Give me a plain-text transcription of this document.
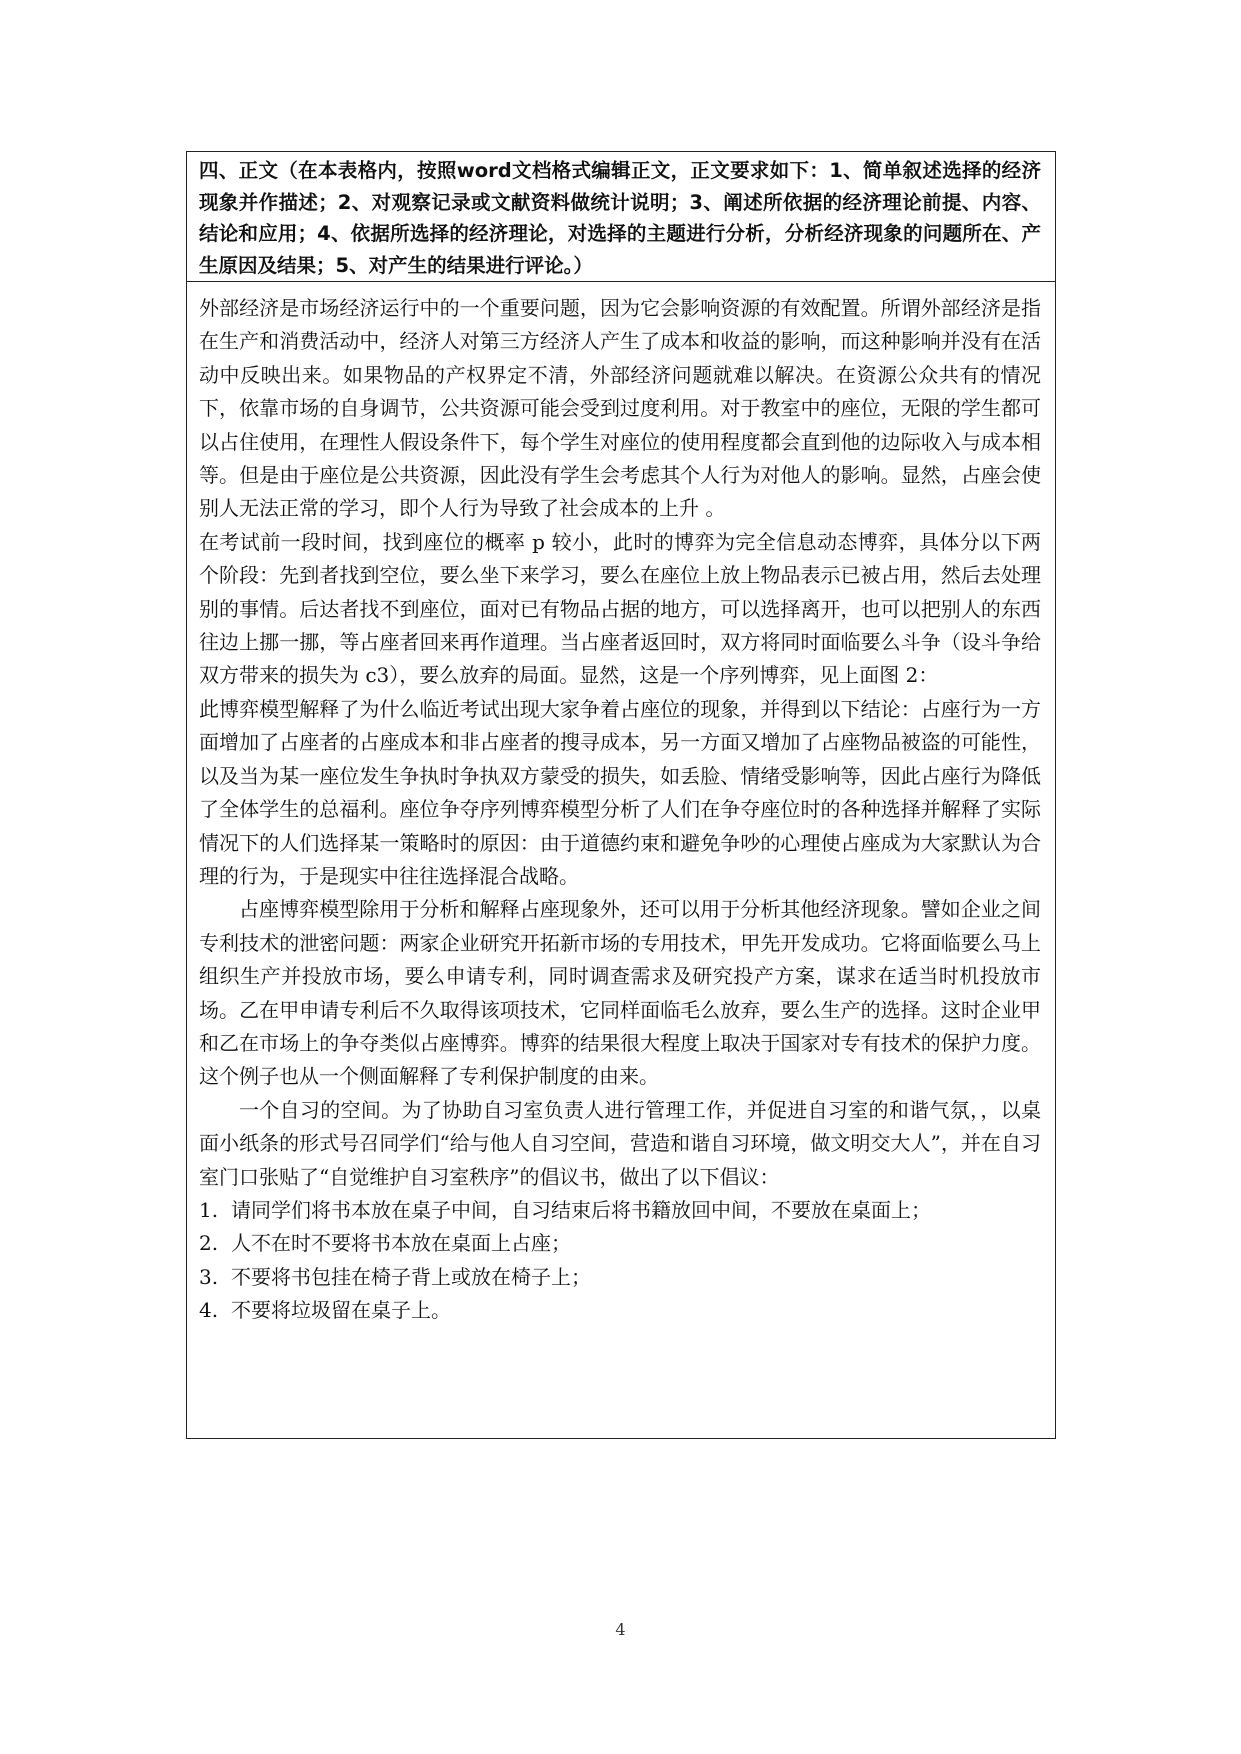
四、正文（在本表格内，按照word文档格式编辑正文，正文要求如下：1、简单叙述选择的经济现象并作描述；2、对观察记录或文献资料做统计说明；3、阐述所依据的经济理论前提、内容、结论和应用；4、依据所选择的经济理论，对选择的主题进行分析，分析经济现象的问题所在、产生原因及结果；5、对产生的结果进行评论。）

外部经济是市场经济运行中的一个重要问题，因为它会影响资源的有效配置。所谓外部经济是指在生产和消费活动中，经济人对第三方经济人产生了成本和收益的影响，而这种影响并没有在活动中反映出来。如果物品的产权界定不清，外部经济问题就难以解决。在资源公众共有的情况下，依靠市场的自身调节，公共资源可能会受到过度利用。对于教室中的座位，无限的学生都可以占住使用，在理性人假设条件下，每个学生对座位的使用程度都会直到他的边际收入与成本相等。但是由于座位是公共资源，因此没有学生会考虑其个人行为对他人的影响。显然，占座会使别人无法正常的学习，即个人行为导致了社会成本的上升 。

在考试前一段时间，找到座位的概率 p 较小，此时的博弈为完全信息动态博弈，具体分以下两个阶段：先到者找到空位，要么坐下来学习，要么在座位上放上物品表示已被占用，然后去处理别的事情。后达者找不到座位，面对已有物品占据的地方，可以选择离开，也可以把别人的东西往边上挪一挪，等占座者回来再作道理。当占座者返回时，双方将同时面临要么斗争（设斗争给双方带来的损失为 c3），要么放弃的局面。显然，这是一个序列博弈，见上面图 2：

此博弈模型解释了为什么临近考试出现大家争着占座位的现象，并得到以下结论：占座行为一方面增加了占座者的占座成本和非占座者的搜寻成本，另一方面又增加了占座物品被盗的可能性，以及当为某一座位发生争执时争执双方蒙受的损失，如丢脸、情绪受影响等，因此占座行为降低了全体学生的总福利。座位争夺序列博弈模型分析了人们在争夺座位时的各种选择并解释了实际情况下的人们选择某一策略时的原因：由于道德约束和避免争吵的心理使占座成为大家默认为合理的行为，于是现实中往往选择混合战略。

占座博弈模型除用于分析和解释占座现象外，还可以用于分析其他经济现象。譬如企业之间专利技术的泄密问题：两家企业研究开拓新市场的专用技术，甲先开发成功。它将面临要么马上组织生产并投放市场，要么申请专利，同时调查需求及研究投产方案，谋求在适当时机投放市场。乙在甲申请专利后不久取得该项技术，它同样面临毛么放弃，要么生产的选择。这时企业甲和乙在市场上的争夺类似占座博弈。博弈的结果很大程度上取决于国家对专有技术的保护力度。这个例子也从一个侧面解释了专利保护制度的由来。

一个自习的空间。为了协助自习室负责人进行管理工作，并促进自习室的和谐气氛，，以桌面小纸条的形式号召同学们“给与他人自习空间，营造和谐自习环境，做文明交大人”，并在自习室门口张贴了“自觉维护自习室秩序”的倡议书，做出了以下倡议：

1. 请同学们将书本放在桌子中间，自习结束后将书籍放回中间，不要放在桌面上；
2. 人不在时不要将书本放在桌面上占座；
3. 不要将书包挂在椅子背上或放在椅子上；
4. 不要将垃圾留在桌子上。
4
